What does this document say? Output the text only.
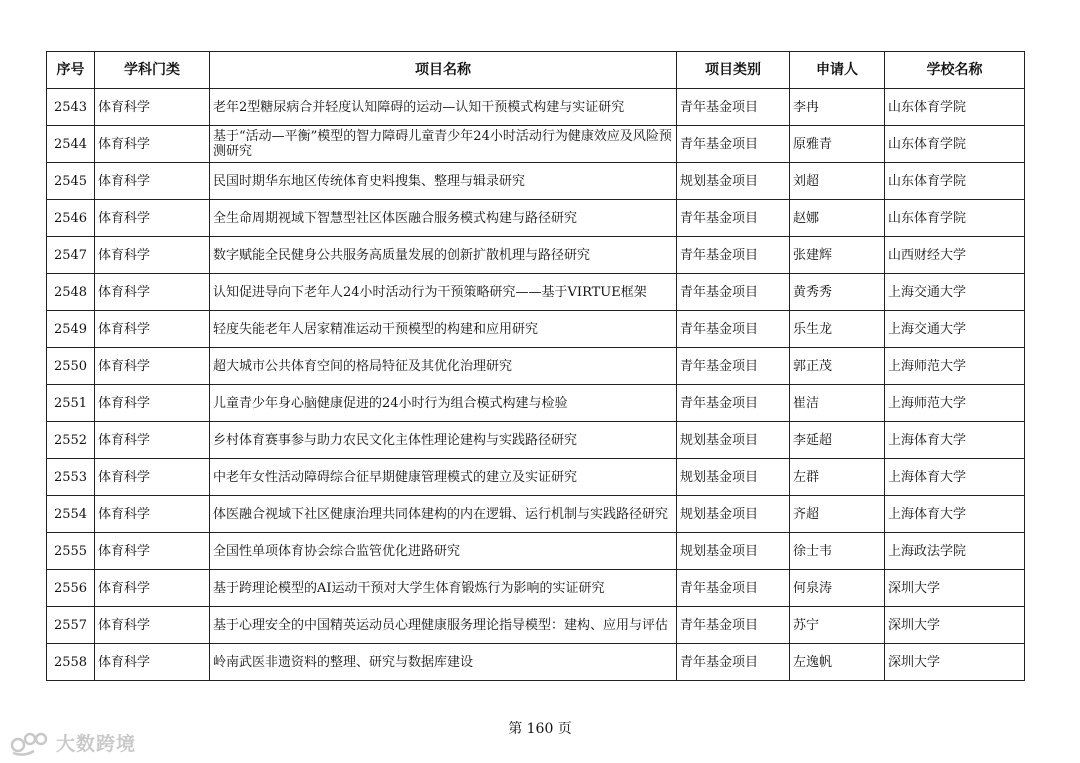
序号	学科门类	项目名称	项目类别	申请人	学校名称
2543	体育科学	老年2型糖尿病合并轻度认知障碍的运动—认知干预模式构建与实证研究	青年基金项目	李冉	山东体育学院
2544	体育科学	基于“活动—平衡”模型的智力障碍儿童青少年24小时活动行为健康效应及风险预测研究	青年基金项目	原雅青	山东体育学院
2545	体育科学	民国时期华东地区传统体育史料搜集、整理与辑录研究	规划基金项目	刘超	山东体育学院
2546	体育科学	全生命周期视域下智慧型社区体医融合服务模式构建与路径研究	青年基金项目	赵娜	山东体育学院
2547	体育科学	数字赋能全民健身公共服务高质量发展的创新扩散机理与路径研究	青年基金项目	张建辉	山西财经大学
2548	体育科学	认知促进导向下老年人24小时活动行为干预策略研究——基于VIRTUE框架	青年基金项目	黄秀秀	上海交通大学
2549	体育科学	轻度失能老年人居家精准运动干预模型的构建和应用研究	青年基金项目	乐生龙	上海交通大学
2550	体育科学	超大城市公共体育空间的格局特征及其优化治理研究	青年基金项目	郭正茂	上海师范大学
2551	体育科学	儿童青少年身心脑健康促进的24小时行为组合模式构建与检验	青年基金项目	崔洁	上海师范大学
2552	体育科学	乡村体育赛事参与助力农民文化主体性理论建构与实践路径研究	规划基金项目	李延超	上海体育大学
2553	体育科学	中老年女性活动障碍综合征早期健康管理模式的建立及实证研究	规划基金项目	左群	上海体育大学
2554	体育科学	体医融合视域下社区健康治理共同体建构的内在逻辑、运行机制与实践路径研究	规划基金项目	齐超	上海体育大学
2555	体育科学	全国性单项体育协会综合监管优化进路研究	规划基金项目	徐士韦	上海政法学院
2556	体育科学	基于跨理论模型的AI运动干预对大学生体育锻炼行为影响的实证研究	青年基金项目	何泉涛	深圳大学
2557	体育科学	基于心理安全的中国精英运动员心理健康服务理论指导模型：建构、应用与评估	青年基金项目	苏宁	深圳大学
2558	体育科学	岭南武医非遗资料的整理、研究与数据库建设	青年基金项目	左逸帆	深圳大学
第 160 页
大数跨境
